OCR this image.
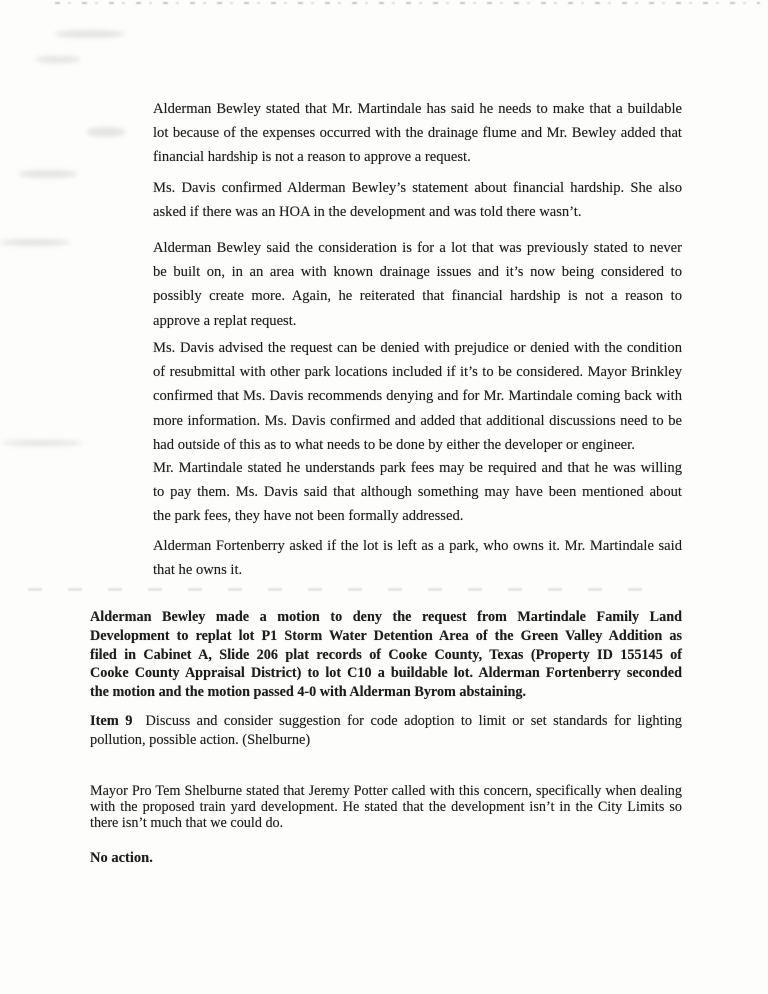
Alderman Bewley stated that Mr. Martindale has said he needs to make that a buildable
lot because of the expenses occurred with the drainage flume and Mr. Bewley added that
financial hardship is not a reason to approve a request.
Ms. Davis confirmed Alderman Bewley’s statement about financial hardship. She also
asked if there was an HOA in the development and was told there wasn’t.
Alderman Bewley said the consideration is for a lot that was previously stated to never
be built on, in an area with known drainage issues and it’s now being considered to
possibly create more. Again, he reiterated that financial hardship is not a reason to
approve a replat request.
Ms. Davis advised the request can be denied with prejudice or denied with the condition
of resubmittal with other park locations included if it’s to be considered. Mayor Brinkley
confirmed that Ms. Davis recommends denying and for Mr. Martindale coming back with
more information. Ms. Davis confirmed and added that additional discussions need to be
had outside of this as to what needs to be done by either the developer or engineer.
Mr. Martindale stated he understands park fees may be required and that he was willing
to pay them. Ms. Davis said that although something may have been mentioned about
the park fees, they have not been formally addressed.
Alderman Fortenberry asked if the lot is left as a park, who owns it. Mr. Martindale said
that he owns it.
Alderman Bewley made a motion to deny the request from Martindale Family Land
Development to replat lot P1 Storm Water Detention Area of the Green Valley Addition as
filed in Cabinet A, Slide 206 plat records of Cooke County, Texas (Property ID 155145 of
Cooke County Appraisal District) to lot C10 a buildable lot. Alderman Fortenberry seconded
the motion and the motion passed 4-0 with Alderman Byrom abstaining.
Item 9 Discuss and consider suggestion for code adoption to limit or set standards for lighting
pollution, possible action. (Shelburne)
Mayor Pro Tem Shelburne stated that Jeremy Potter called with this concern, specifically when dealing
with the proposed train yard development. He stated that the development isn’t in the City Limits so
there isn’t much that we could do.
No action.
